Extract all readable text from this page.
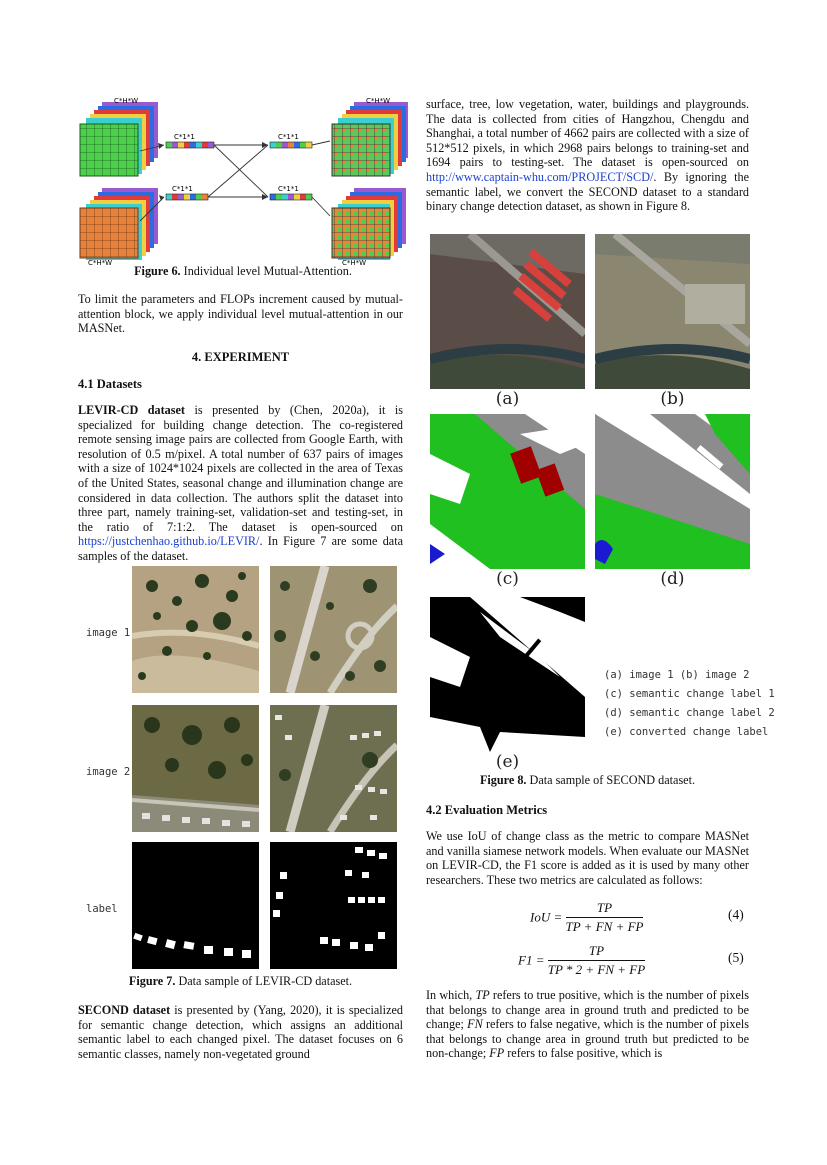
C*H*W
C*H*W
C*H*W
C*H*W
C*1*1	C*1*1
C*1*1	C*1*1
Figure 6. Individual level Mutual-Attention.

To limit the parameters and FLOPs increment caused by mutual-attention block, we apply individual level mutual-attention in our MASNet.

4. EXPERIMENT
4.1 Datasets

LEVIR-CD dataset is presented by (Chen, 2020a), it is specialized for building change detection. The co-registered remote sensing image pairs are collected from Google Earth, with resolution of 0.5 m/pixel. A total number of 637 pairs of images with a size of 1024*1024 pixels are collected in the area of Texas of the United States, seasonal change and illumination change are considered in data collection. The authors split the dataset into three part, namely training-set, validation-set and testing-set, in the ratio of 7:1:2. The dataset is open-sourced on https://justchenhao.github.io/LEVIR/. In Figure 7 are some data samples of the dataset.

image 1
image 2
label
Figure 7. Data sample of LEVIR-CD dataset.

SECOND dataset is presented by (Yang, 2020), it is specialized for semantic change detection, which assigns an additional semantic label to each changed pixel. The dataset focuses on 6 semantic classes, namely non-vegetated ground

surface, tree, low vegetation, water, buildings and playgrounds. The data is collected from cities of Hangzhou, Chengdu and Shanghai, a total number of 4662 pairs are collected with a size of 512*512 pixels, in which 2968 pairs belongs to training-set and 1694 pairs to testing-set. The dataset is open-sourced on http://www.captain-whu.com/PROJECT/SCD/. By ignoring the semantic label, we convert the SECOND dataset to a standard binary change detection dataset, as shown in Figure 8.

(a)	(b)
(c)	(d)
(e)
(a) image 1 (b) image 2
(c) semantic change label 1
(d) semantic change label 2
(e) converted change label
Figure 8. Data sample of SECOND dataset.
4.2 Evaluation Metrics

We use IoU of change class as the metric to compare MASNet and vanilla siamese network models. When evaluate our MASNet on LEVIR-CD, the F1 score is added as it is used by many other researchers. These two metrics are calculated as follows:

IoU = $\frac{TP}{TP + FN + FP}$	(4)
$F1 = \frac{TP}{TP * 2 + FN + FP}$	(5)

In which, TP refers to true positive, which is the number of pixels that belongs to change area in ground truth and predicted to be change; FN refers to false negative, which is the number of pixels that belongs to change area in ground truth but predicted to be non-change; FP refers to false positive, which is
